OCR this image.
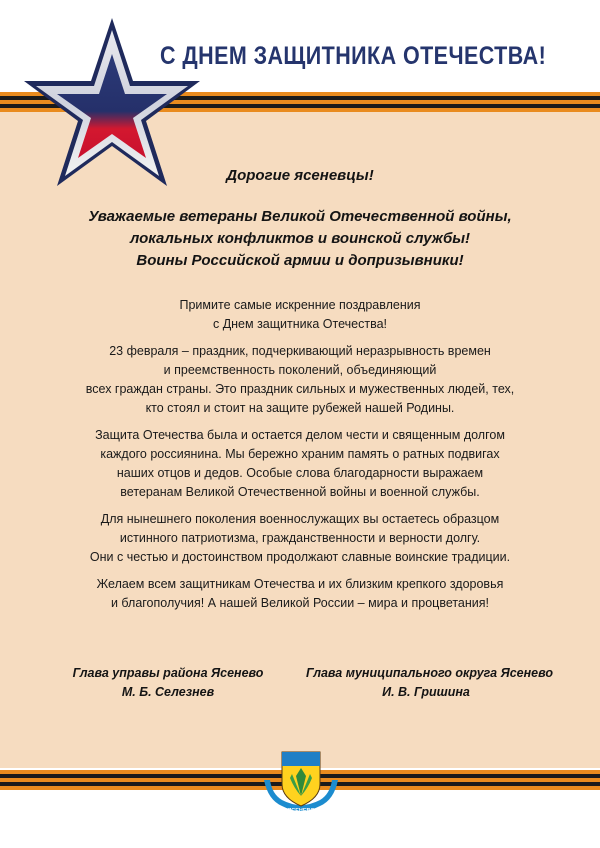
С ДНЕМ ЗАЩИТНИКА ОТЕЧЕСТВА!
Дорогие ясеневцы!
Уважаемые ветераны Великой Отечественной войны,
локальных конфликтов и воинской службы!
Воины Российской армии и допризывники!

Примите самые искренние поздравления
с Днем защитника Отечества!

23 февраля – праздник, подчеркивающий неразрывность времен
и преемственность поколений, объединяющий
всех граждан страны. Это праздник сильных и мужественных людей, тех,
кто стоял и стоит на защите рубежей нашей Родины.

Защита Отечества была и остается делом чести и священным долгом
каждого россиянина. Мы бережно храним память о ратных подвигах
наших отцов и дедов. Особые слова благодарности выражаем
ветеранам Великой Отечественной войны и военной службы.

Для нынешнего поколения военнослужащих вы остаетесь образцом
истинного патриотизма, гражданственности и верности долгу.
Они с честью и достоинством продолжают славные воинские традиции.

Желаем всем защитникам Отечества и их близким крепкого здоровья
и благополучия! А нашей Великой России – мира и процветания!

Глава управы района Ясенево
М. Б. Селезнев
Глава муниципального округа Ясенево
И. В. Гришина
ЯСЕНЕВО
